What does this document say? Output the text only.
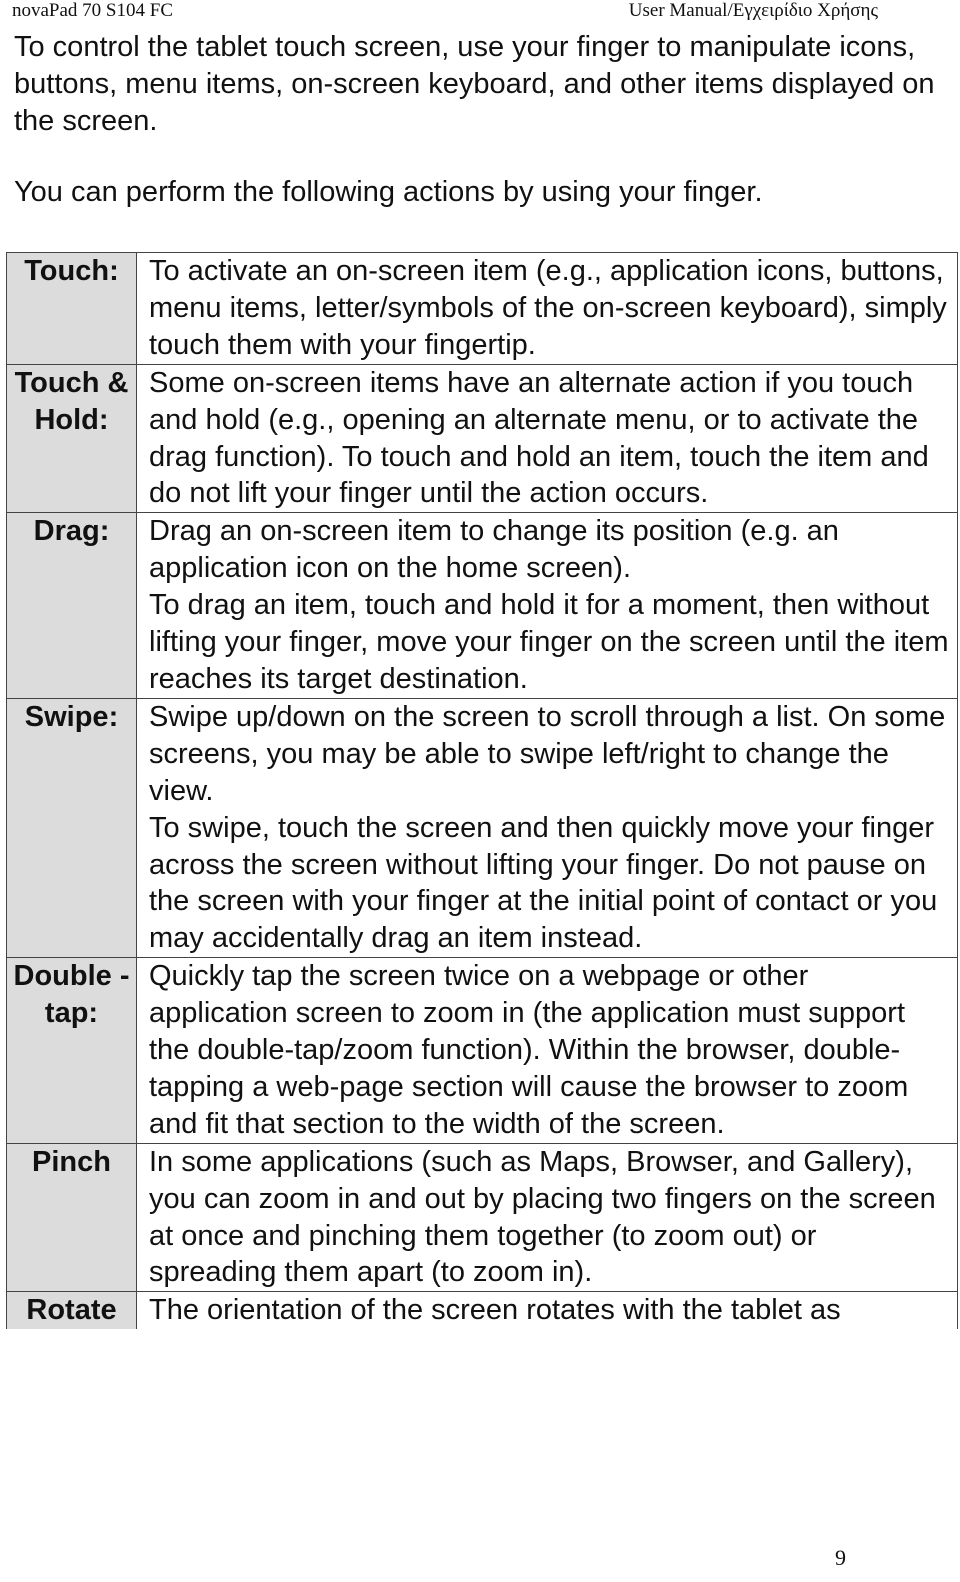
novaPad 70 S104 FC	User Manual/Εγχειρίδιο Χρήσης

To control the tablet touch screen, use your finger to manipulate icons, buttons, menu items, on-screen keyboard, and other items displayed on the screen.

You can perform the following actions by using your finger.

Touch:	To activate an on-screen item (e.g., application icons, buttons, menu items, letter/symbols of the on-screen keyboard), simply touch them with your fingertip.

Touch & Hold:	Some on-screen items have an alternate action if you touch and hold (e.g., opening an alternate menu, or to activate the drag function). To touch and hold an item, touch the item and do not lift your finger until the action occurs.

Drag:	Drag an on-screen item to change its position (e.g. an application icon on the home screen).
To drag an item, touch and hold it for a moment, then without lifting your finger, move your finger on the screen until the item reaches its target destination.

Swipe:	Swipe up/down on the screen to scroll through a list. On some screens, you may be able to swipe left/right to change the view.
To swipe, touch the screen and then quickly move your finger across the screen without lifting your finger. Do not pause on the screen with your finger at the initial point of contact or you may accidentally drag an item instead.

Double -tap:	Quickly tap the screen twice on a webpage or other application screen to zoom in (the application must support the double-tap/zoom function). Within the browser, double-tapping a web-page section will cause the browser to zoom and fit that section to the width of the screen.

Pinch	In some applications (such as Maps, Browser, and Gallery), you can zoom in and out by placing two fingers on the screen at once and pinching them together (to zoom out) or spreading them apart (to zoom in).

Rotate	The orientation of the screen rotates with the tablet as
9
